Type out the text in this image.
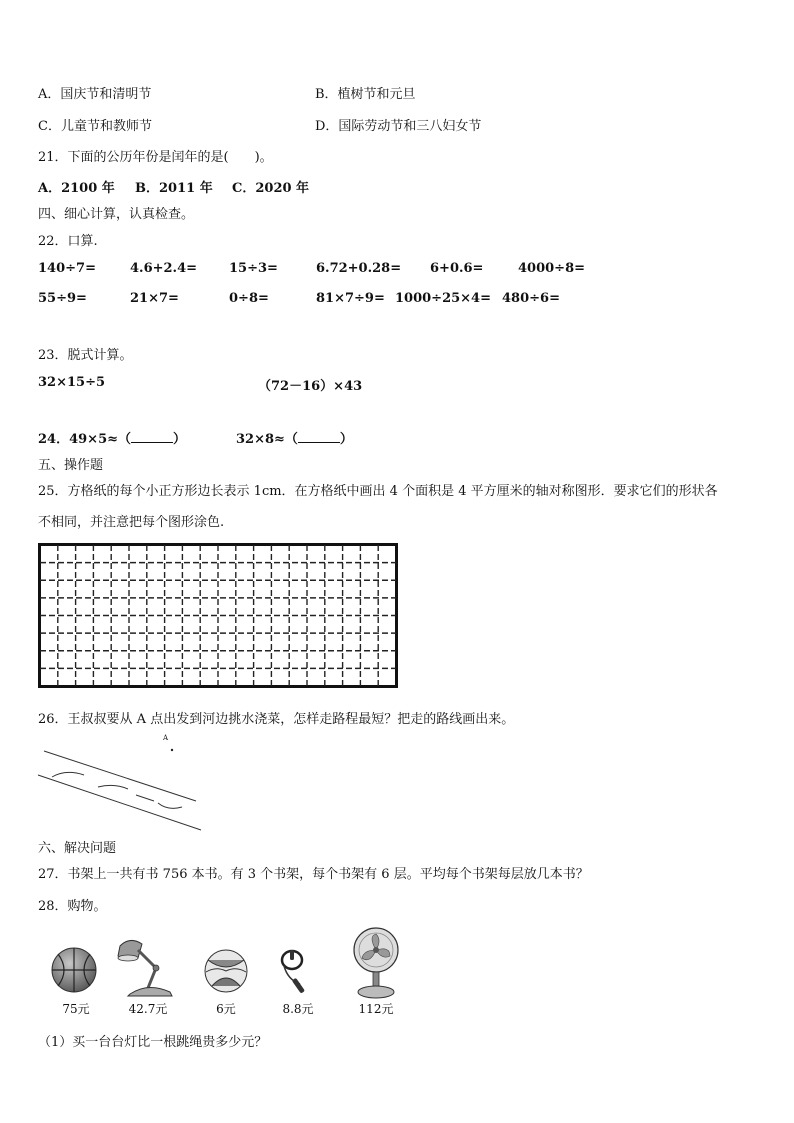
A．国庆节和清明节	B．植树节和元旦
C．儿童节和教师节	D．国际劳动节和三八妇女节
21．下面的公历年份是闰年的是(　　)。
A．2100 年 B．2011 年 C．2020 年
四、细心计算，认真检查。
22．口算.
140÷7=	4.6+2.4= 15÷3=	6.72+0.28= 6+0.6=	4000÷8=
55÷9=	21×7=	0÷8=	81×7÷9= 1000÷25×4= 480÷6=
23．脱式计算。
32×15÷5	（72－16）×43
24．49×5≈（	）	32×8≈（	）
五、操作题
25．方格纸的每个小正方形边长表示 1cm．在方格纸中画出 4 个面积是 4 平方厘米的轴对称图形．要求它们的形状各
不相同，并注意把每个图形涂色.
26．王叔叔要从 A 点出发到河边挑水浇菜，怎样走路程最短？把走的路线画出来。
A
六、解决问题
27．书架上一共有书 756 本书。有 3 个书架，每个书架有 6 层。平均每个书架每层放几本书？
28．购物。
75元	42.7元	6元	8.8元	112元
（1）买一台台灯比一根跳绳贵多少元？
